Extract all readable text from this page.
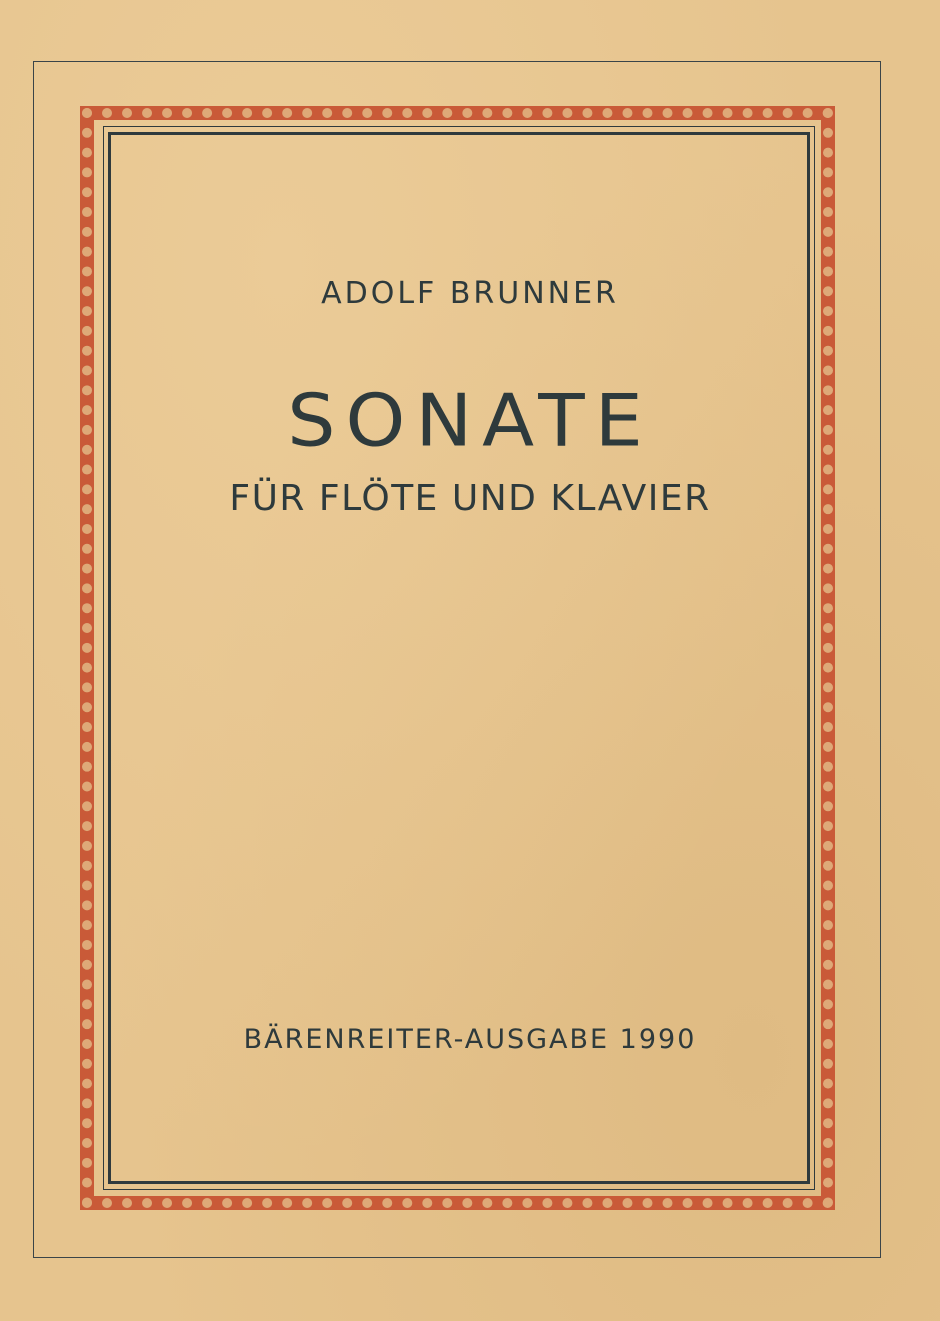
ADOLF BRUNNER
SONATE
FÜR FLÖTE UND KLAVIER
BÄRENREITER-AUSGABE 1990
